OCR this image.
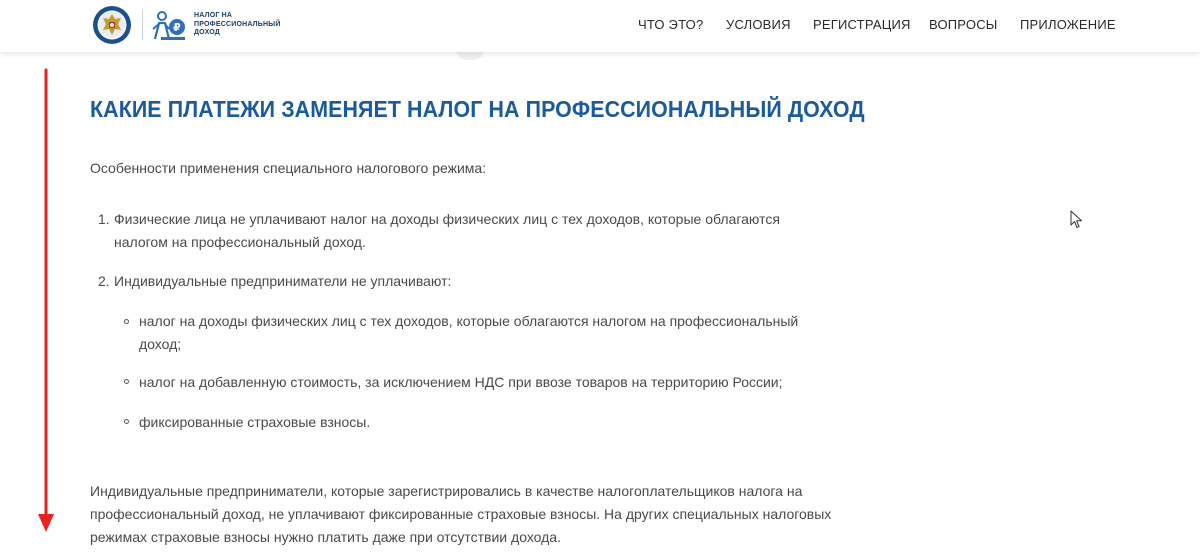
₽
НАЛОГ НА
ПРОФЕССИОНАЛЬНЫЙ
ДОХОД
ЧТО ЭТО? УСЛОВИЯ РЕГИСТРАЦИЯ ВОПРОСЫ ПРИЛОЖЕНИЕ
КАКИЕ ПЛАТЕЖИ ЗАМЕНЯЕТ НАЛОГ НА ПРОФЕССИОНАЛЬНЫЙ ДОХОД

Особенности применения специального налогового режима:

1. Физические лица не уплачивают налог на доходы физических лиц с тех доходов, которые облагаются налогом на профессиональный доход.

2. Индивидуальные предприниматели не уплачивают:

налог на доходы физических лиц с тех доходов, которые облагаются налогом на профессиональный доход;

налог на добавленную стоимость, за исключением НДС при ввозе товаров на территорию России;

фиксированные страховые взносы.

Индивидуальные предприниматели, которые зарегистрировались в качестве налогоплательщиков налога на профессиональный доход, не уплачивают фиксированные страховые взносы. На других специальных налоговых режимах страховые взносы нужно платить даже при отсутствии дохода.
